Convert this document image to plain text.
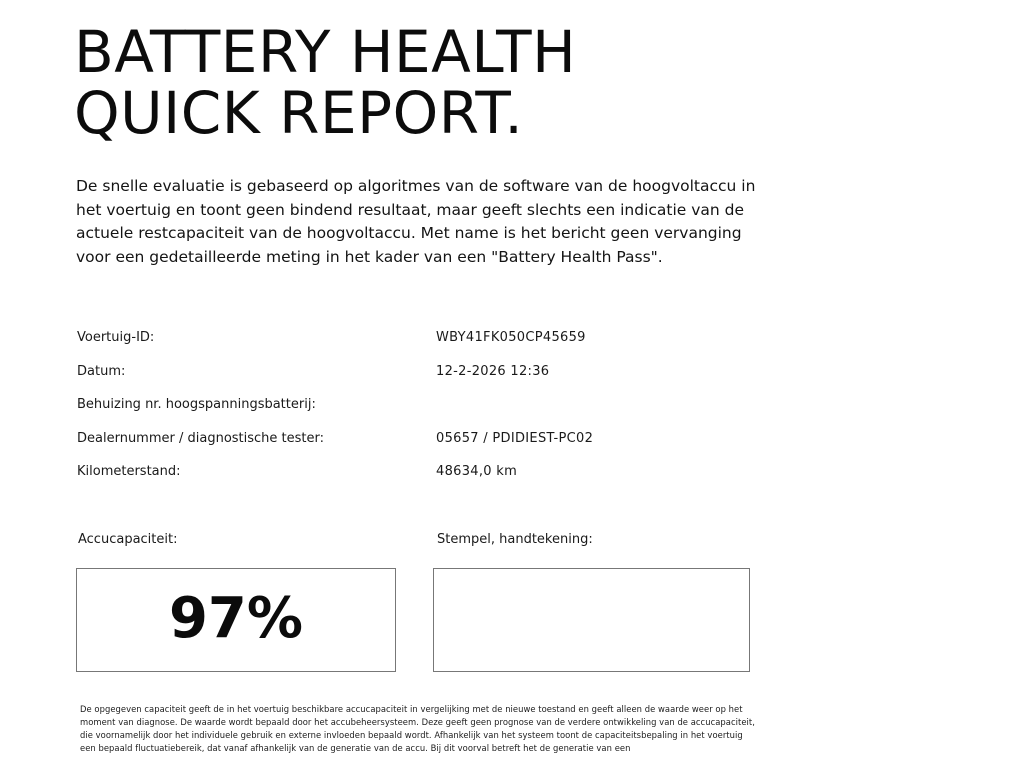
BATTERY HEALTH
QUICK REPORT.

De snelle evaluatie is gebaseerd op algoritmes van de software van de hoogvoltaccu in het voertuig en toont geen bindend resultaat, maar geeft slechts een indicatie van de actuele restcapaciteit van de hoogvoltaccu. Met name is het bericht geen vervanging voor een gedetailleerde meting in het kader van een "Battery Health Pass".

Voertuig-ID:	WBY41FK050CP45659
Datum:	12-2-2026 12:36
Behuizing nr. hoogspanningsbatterij:
Dealernummer / diagnostische tester:	05657 / PDIDIEST-PC02
Kilometerstand:	48634,0 km
Accucapaciteit:	Stempel, handtekening:
97%

De opgegeven capaciteit geeft de in het voertuig beschikbare accucapaciteit in vergelijking met de nieuwe toestand en geeft alleen de waarde weer op het moment van diagnose. De waarde wordt bepaald door het accubeheersysteem. Deze geeft geen prognose van de verdere ontwikkeling van de accucapaciteit, die voornamelijk door het individuele gebruik en externe invloeden bepaald wordt. Afhankelijk van het systeem toont de capaciteitsbepaling in het voertuig een bepaald fluctuatiebereik, dat vanaf afhankelijk van de generatie van de accu. Bij dit voorval betreft het de generatie van een
